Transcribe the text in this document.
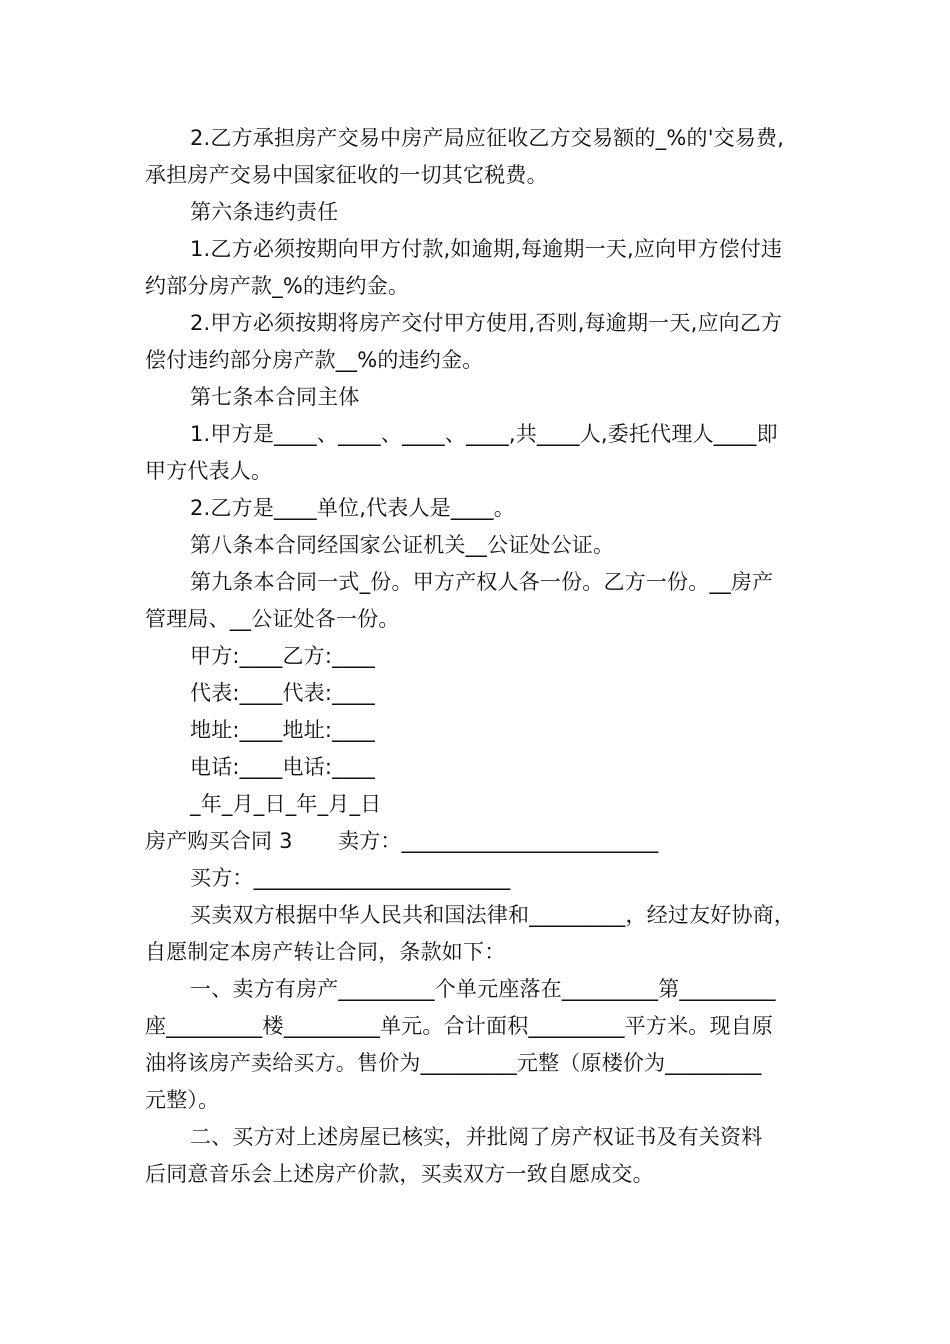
2.乙方承担房产交易中房产局应征收乙方交易额的_%的'交易费,
承担房产交易中国家征收的一切其它税费。
第六条违约责任
1.乙方必须按期向甲方付款,如逾期,每逾期一天,应向甲方偿付违
约部分房产款_%的违约金。
2.甲方必须按期将房产交付甲方使用,否则,每逾期一天,应向乙方
偿付违约部分房产款__%的违约金。
第七条本合同主体
1.甲方是____、____、____、____,共____人,委托代理人____即
甲方代表人。
2.乙方是____单位,代表人是____。
第八条本合同经国家公证机关__公证处公证。
第九条本合同一式_份。甲方产权人各一份。乙方一份。__房产
管理局、__公证处各一份。
甲方:____乙方:____
代表:____代表:____
地址:____地址:____
电话:____电话:____
_年_月_日_年_月_日
房产购买合同 3 卖方：________________________
买方：________________________
买卖双方根据中华人民共和国法律和_________，经过友好协商，
自愿制定本房产转让合同，条款如下：
一、卖方有房产_________个单元座落在_________第_________
座_________楼_________单元。合计面积_________平方米。现自原
油将该房产卖给买方。售价为_________元整（原楼价为_________
元整）。
二、买方对上述房屋已核实，并批阅了房产权证书及有关资料
后同意音乐会上述房产价款，买卖双方一致自愿成交。
